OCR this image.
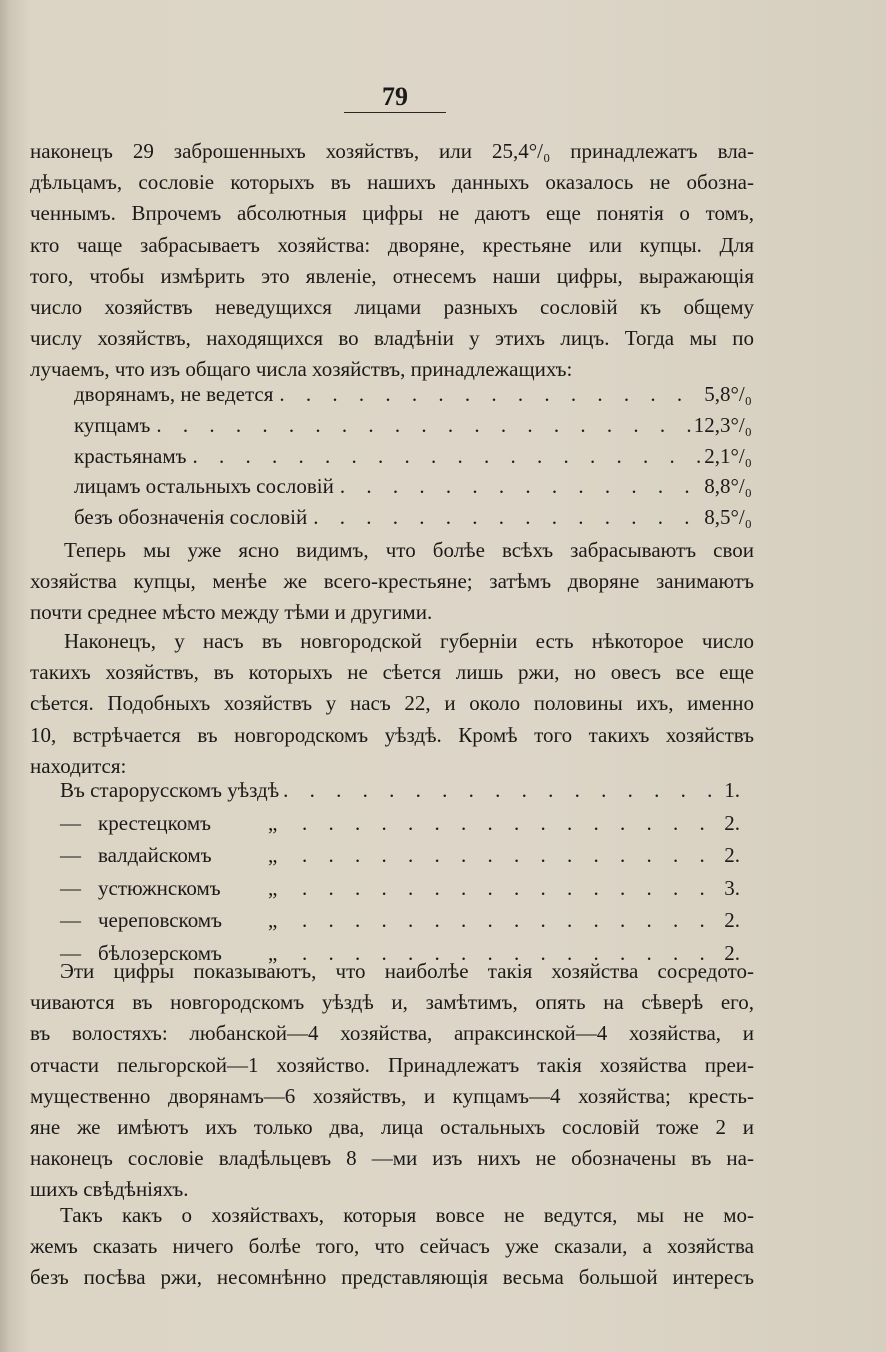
79
наконецъ 29 заброшенныхъ хозяйствъ, или 25,4°/₀ принадлежатъ вла-
дѣльцамъ, сословіе которыхъ въ нашихъ данныхъ оказалось не обозна-
ченнымъ. Впрочемъ абсолютныя цифры не даютъ еще понятія о томъ,
кто чаще забрасываетъ хозяйства: дворяне, крестьяне или купцы. Для
того, чтобы измѣрить это явленіе, отнесемъ наши цифры, выражающія
число хозяйствъ неведущихся лицами разныхъ сословій къ общему
числу хозяйствъ, находящихся во владѣніи у этихъ лицъ. Тогда мы по
лучаемъ, что изъ общаго числа хозяйствъ, принадлежащихъ:
дворянамъ, не ведется . . .	5,8°/₀
купцамъ . . .	12,3°/₀
крастьянамъ . . .	2,1°/₀
лицамъ остальныхъ сословій . . .	8,8°/₀
безъ обозначенія сословій . . .	8,5°/₀
Теперь мы уже ясно видимъ, что болѣе всѣхъ забрасываютъ свои
хозяйства купцы, менѣе же всего-крестьяне; затѣмъ дворяне занимаютъ
почти среднее мѣсто между тѣми и другими.
Наконецъ, у насъ въ новгородской губерніи есть нѣкоторое число
такихъ хозяйствъ, въ которыхъ не сѣется лишь ржи, но овесъ все еще
сѣется. Подобныхъ хозяйствъ у насъ 22, и около половины ихъ, именно
10, встрѣчается въ новгородскомъ уѣздѣ. Кромѣ того такихъ хозяйствъ
находится:
Въ старорусскомъ уѣздѣ . . .	1.
— крестецкомъ	„ . . .	2.
— валдайскомъ	„ . . .	2.
— устюжнскомъ	„ . . .	3.
— череповскомъ	„ . . .	2.
— бѣлозерскомъ	„ . . .	2.
Эти цифры показываютъ, что наиболѣе такія хозяйства сосредото-
чиваются въ новгородскомъ уѣздѣ и, замѣтимъ, опять на сѣверѣ его,
въ волостяхъ: любанской—4 хозяйства, апраксинской—4 хозяйства, и
отчасти пельгорской—1 хозяйство. Принадлежатъ такія хозяйства преи-
мущественно дворянамъ—6 хозяйствъ, и купцамъ—4 хозяйства; кресть-
яне же имѣютъ ихъ только два, лица остальныхъ сословій тоже 2 и
наконецъ сословіе владѣльцевъ 8 —ми изъ нихъ не обозначены въ на-
шихъ свѣдѣніяхъ.
Такъ какъ о хозяйствахъ, которыя вовсе не ведутся, мы не мо-
жемъ сказать ничего болѣе того, что сейчасъ уже сказали, а хозяйства
безъ посѣва ржи, несомнѣнно представляющія весьма большой интересъ
